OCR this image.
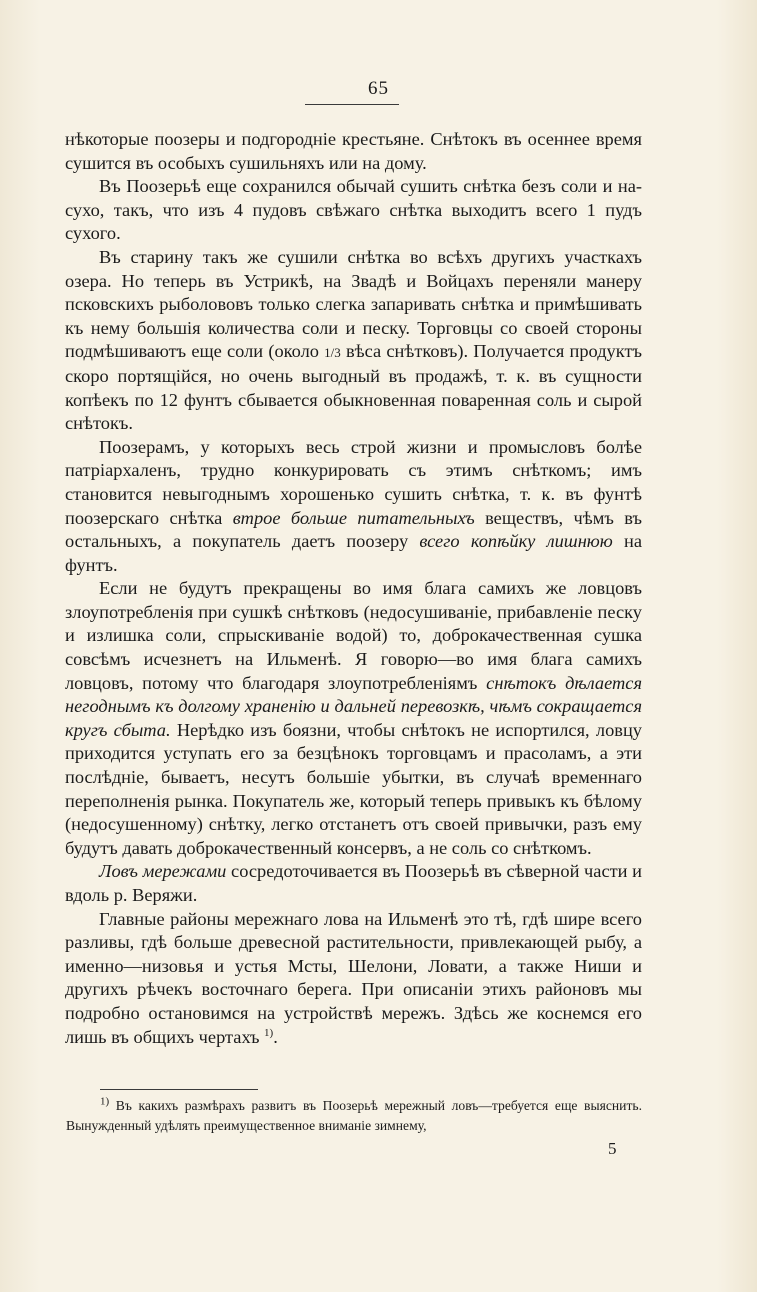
65

нѣкоторые поозеры и подгородніе крестьяне. Снѣтокъ въ осеннее время сушится въ особыхъ сушильняхъ или на дому.

Въ Поозерьѣ еще сохранился обычай сушить снѣтка безъ соли и на-сухо, такъ, что изъ 4 пудовъ свѣжаго снѣтка выходитъ всего 1 пудъ сухого.

Въ старину такъ же сушили снѣтка во всѣхъ другихъ участкахъ озера. Но теперь въ Устрикѣ, на Звадѣ и Войцахъ переняли манеру псковскихъ рыболововъ только слегка запаривать снѣтка и примѣшивать къ нему большія количества соли и песку. Торговцы со своей стороны подмѣшиваютъ еще соли (около 1/3 вѣса снѣтковъ). Получается продуктъ скоро портящійся, но очень выгодный въ продажѣ, т. к. въ сущности копѣекъ по 12 фунтъ сбывается обыкновенная поваренная соль и сырой снѣтокъ.

Поозерамъ, у которыхъ весь строй жизни и промысловъ болѣе патріархаленъ, трудно конкурировать съ этимъ снѣткомъ; имъ становится невыгоднымъ хорошенько сушить снѣтка, т. к. въ фунтѣ поозерскаго снѣтка втрое больше питательныхъ веществъ, чѣмъ въ остальныхъ, а покупатель даетъ поозеру всего копѣйку лишнюю на фунтъ.

Если не будутъ прекращены во имя блага самихъ же ловцовъ злоупотребленія при сушкѣ снѣтковъ (недосушиваніе, прибавленіе песку и излишка соли, спрыскиваніе водой) то, доброкачественная сушка совсѣмъ исчезнетъ на Ильменѣ. Я говорю—во имя блага самихъ ловцовъ, потому что благодаря злоупотребленіямъ снѣтокъ дѣлается негоднымъ къ долгому храненію и дальней перевозкѣ, чѣмъ сокращается кругъ сбыта. Нерѣдко изъ боязни, чтобы снѣтокъ не испортился, ловцу приходится уступать его за безцѣнокъ торговцамъ и прасоламъ, а эти послѣдніе, бываетъ, несутъ большіе убытки, въ случаѣ временнаго переполненія рынка. Покупатель же, который теперь привыкъ къ бѣлому (недосушенному) снѣтку, легко отстанетъ отъ своей привычки, разъ ему будутъ давать доброкачественный консервъ, а не соль со снѣткомъ.

Ловъ мережами сосредоточивается въ Поозерьѣ въ сѣверной части и вдоль р. Веряжи.

Главные районы мережнаго лова на Ильменѣ это тѣ, гдѣ шире всего разливы, гдѣ больше древесной растительности, привлекающей рыбу, а именно—низовья и устья Мсты, Шелони, Ловати, а также Ниши и другихъ рѣчекъ восточнаго берега. При описаніи этихъ районовъ мы подробно остановимся на устройствѣ мережъ. Здѣсь же коснемся его лишь въ общихъ чертахъ $^{1)}$.

$^{1)}$ Въ какихъ размѣрахъ развитъ въ Поозерьѣ мережный ловъ—требуется еще выяснить. Вынужденный удѣлять преимущественное вниманіе зимнему,
5
